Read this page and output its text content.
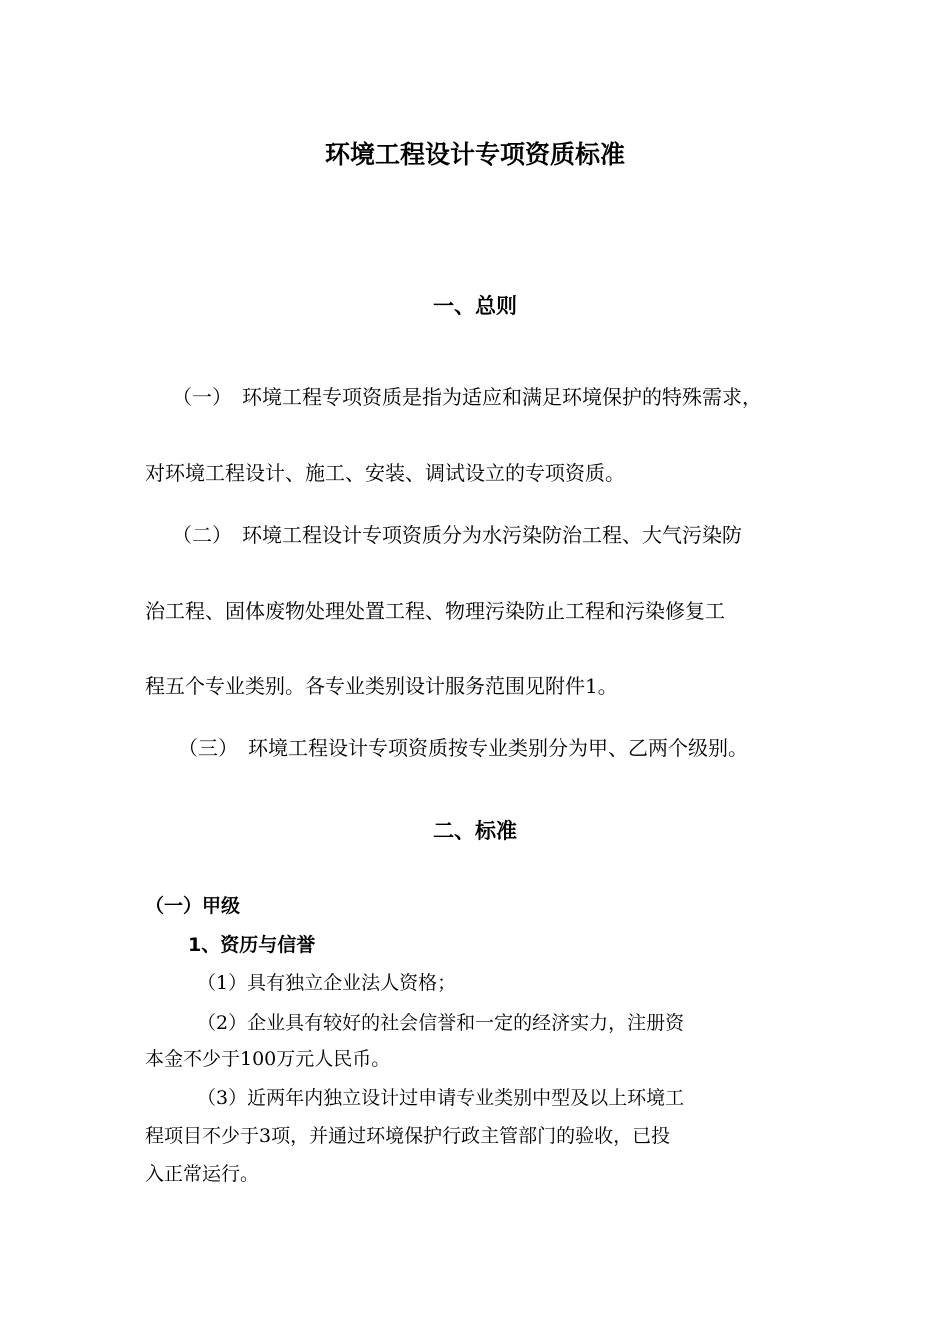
环境工程设计专项资质标准
一、总则
（一）　环境工程专项资质是指为适应和满足环境保护的特殊需求，
对环境工程设计、施工、安装、调试设立的专项资质。
（二）　环境工程设计专项资质分为水污染防治工程、大气污染防
治工程、固体废物处理处置工程、物理污染防止工程和污染修复工
程五个专业类别。各专业类别设计服务范围见附件1。
（三）　环境工程设计专项资质按专业类别分为甲、乙两个级别。
二、标准
（一）甲级
1、资历与信誉
（1）具有独立企业法人资格；
（2）企业具有较好的社会信誉和一定的经济实力，注册资
本金不少于100万元人民币。
（3）近两年内独立设计过申请专业类别中型及以上环境工
程项目不少于3项，并通过环境保护行政主管部门的验收，已投
入正常运行。
